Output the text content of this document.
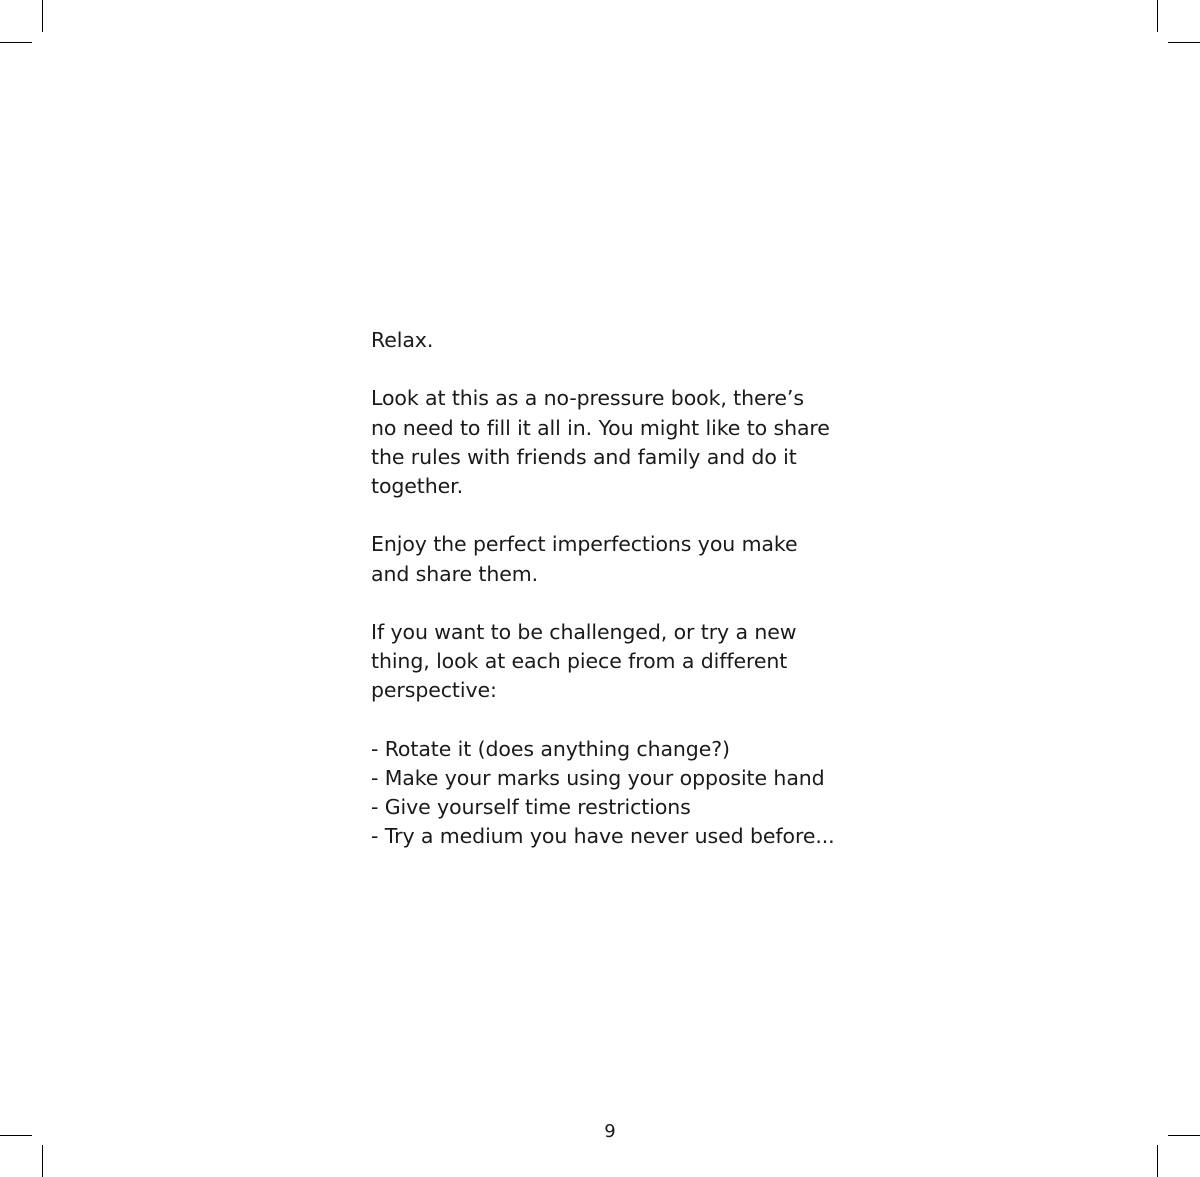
Relax.

Look at this as a no-pressure book, there’s
no need to fill it all in. You might like to share
the rules with friends and family and do it
together.

Enjoy the perfect imperfections you make
and share them.

If you want to be challenged, or try a new
thing, look at each piece from a different
perspective:

- Rotate it (does anything change?)
- Make your marks using your opposite hand
- Give yourself time restrictions
- Try a medium you have never used before...
9
